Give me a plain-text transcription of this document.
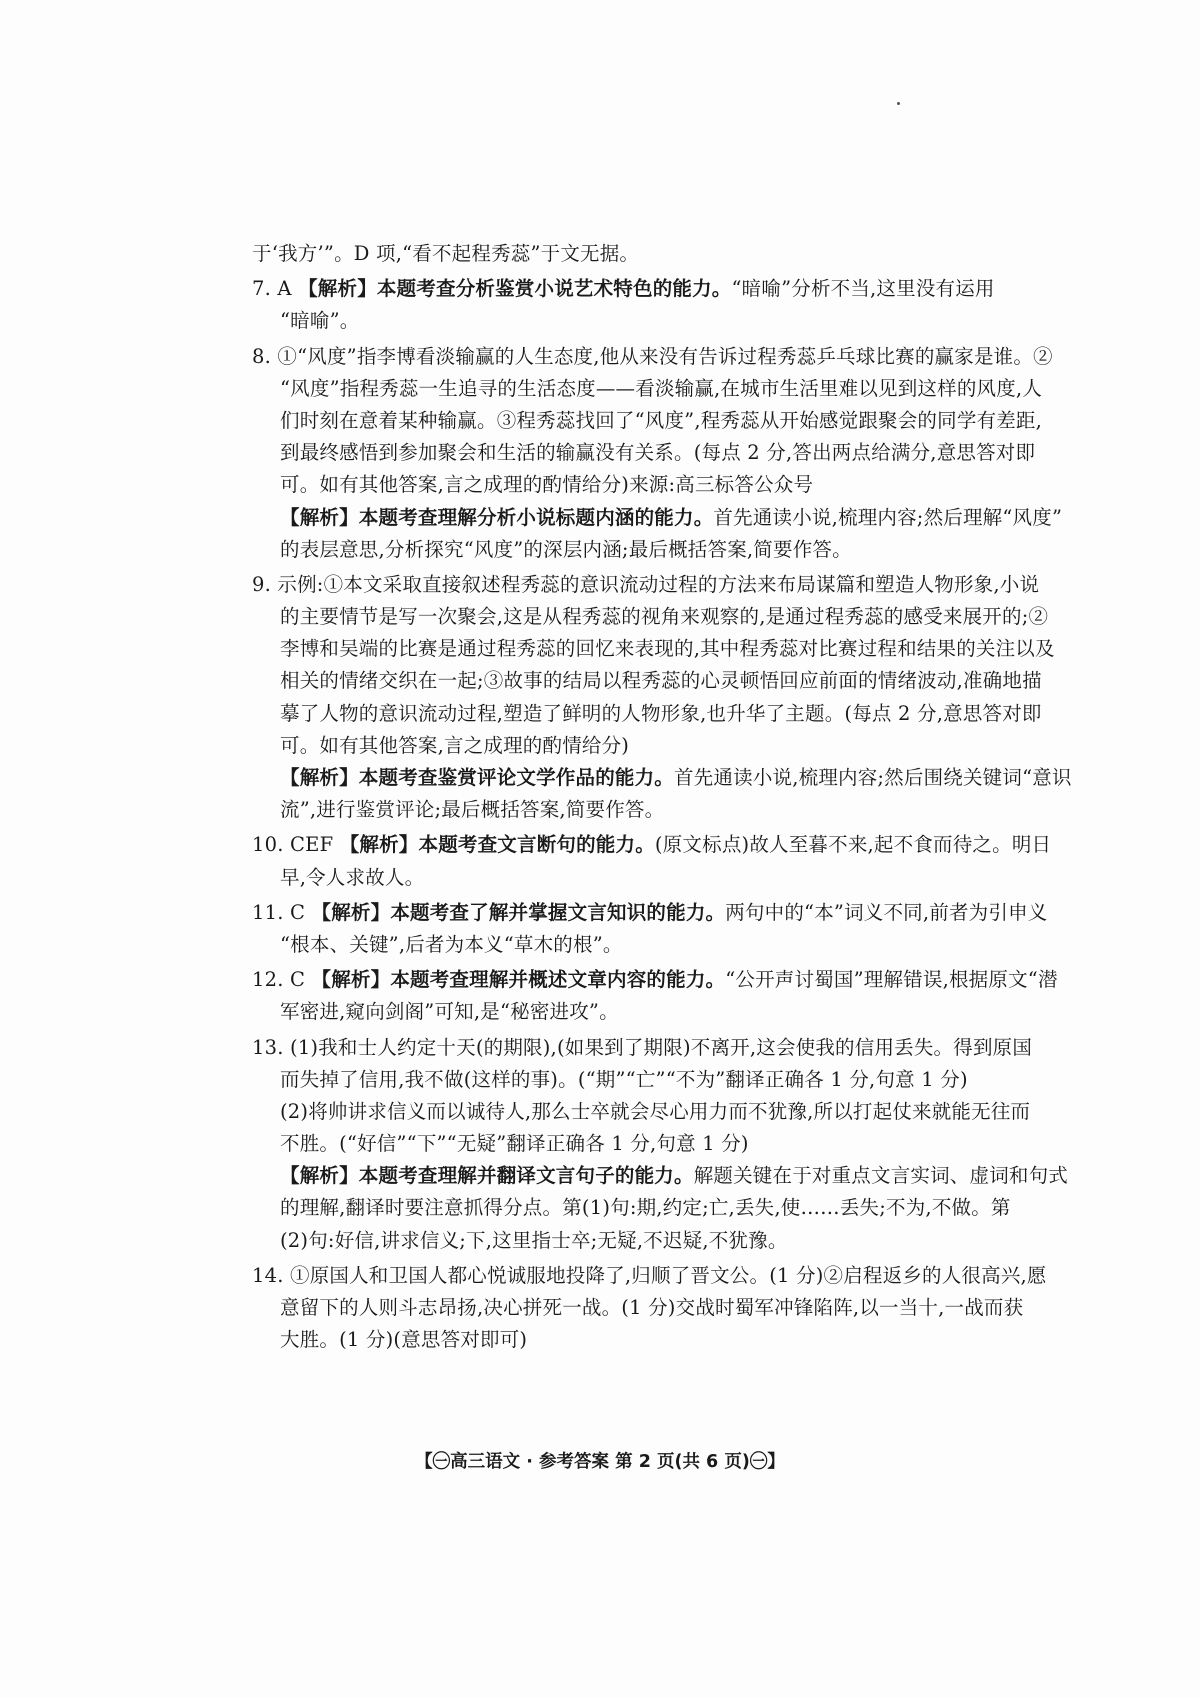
于‘我方’”。D 项,“看不起程秀蕊”于文无据。
7. A 【解析】本题考查分析鉴赏小说艺术特色的能力。“暗喻”分析不当,这里没有运用
“暗喻”。
8. ①“风度”指李博看淡输赢的人生态度,他从来没有告诉过程秀蕊乒乓球比赛的赢家是谁。②
“风度”指程秀蕊一生追寻的生活态度——看淡输赢,在城市生活里难以见到这样的风度,人
们时刻在意着某种输赢。③程秀蕊找回了“风度”,程秀蕊从开始感觉跟聚会的同学有差距,
到最终感悟到参加聚会和生活的输赢没有关系。(每点 2 分,答出两点给满分,意思答对即
可。如有其他答案,言之成理的酌情给分)来源:高三标答公众号
【解析】本题考查理解分析小说标题内涵的能力。首先通读小说,梳理内容;然后理解“风度”
的表层意思,分析探究“风度”的深层内涵;最后概括答案,简要作答。
9. 示例:①本文采取直接叙述程秀蕊的意识流动过程的方法来布局谋篇和塑造人物形象,小说
的主要情节是写一次聚会,这是从程秀蕊的视角来观察的,是通过程秀蕊的感受来展开的;②
李博和吴端的比赛是通过程秀蕊的回忆来表现的,其中程秀蕊对比赛过程和结果的关注以及
相关的情绪交织在一起;③故事的结局以程秀蕊的心灵顿悟回应前面的情绪波动,准确地描
摹了人物的意识流动过程,塑造了鲜明的人物形象,也升华了主题。(每点 2 分,意思答对即
可。如有其他答案,言之成理的酌情给分)
【解析】本题考查鉴赏评论文学作品的能力。首先通读小说,梳理内容;然后围绕关键词“意识
流”,进行鉴赏评论;最后概括答案,简要作答。
10. CEF 【解析】本题考查文言断句的能力。(原文标点)故人至暮不来,起不食而待之。明日
早,令人求故人。
11. C 【解析】本题考查了解并掌握文言知识的能力。两句中的“本”词义不同,前者为引申义
“根本、关键”,后者为本义“草木的根”。
12. C 【解析】本题考查理解并概述文章内容的能力。“公开声讨蜀国”理解错误,根据原文“潜
军密进,窥向剑阁”可知,是“秘密进攻”。
13. (1)我和士人约定十天(的期限),(如果到了期限)不离开,这会使我的信用丢失。得到原国
而失掉了信用,我不做(这样的事)。(“期”“亡”“不为”翻译正确各 1 分,句意 1 分)
(2)将帅讲求信义而以诚待人,那么士卒就会尽心用力而不犹豫,所以打起仗来就能无往而
不胜。(“好信”“下”“无疑”翻译正确各 1 分,句意 1 分)
【解析】本题考查理解并翻译文言句子的能力。解题关键在于对重点文言实词、虚词和句式
的理解,翻译时要注意抓得分点。第(1)句:期,约定;亡,丢失,使……丢失;不为,不做。第
(2)句:好信,讲求信义;下,这里指士卒;无疑,不迟疑,不犹豫。
14. ①原国人和卫国人都心悦诚服地投降了,归顺了晋文公。(1 分)②启程返乡的人很高兴,愿
意留下的人则斗志昂扬,决心拼死一战。(1 分)交战时蜀军冲锋陷阵,以一当十,一战而获
大胜。(1 分)(意思答对即可)
【㊀高三语文 · 参考答案 第 2 页(共 6 页)㊀】
